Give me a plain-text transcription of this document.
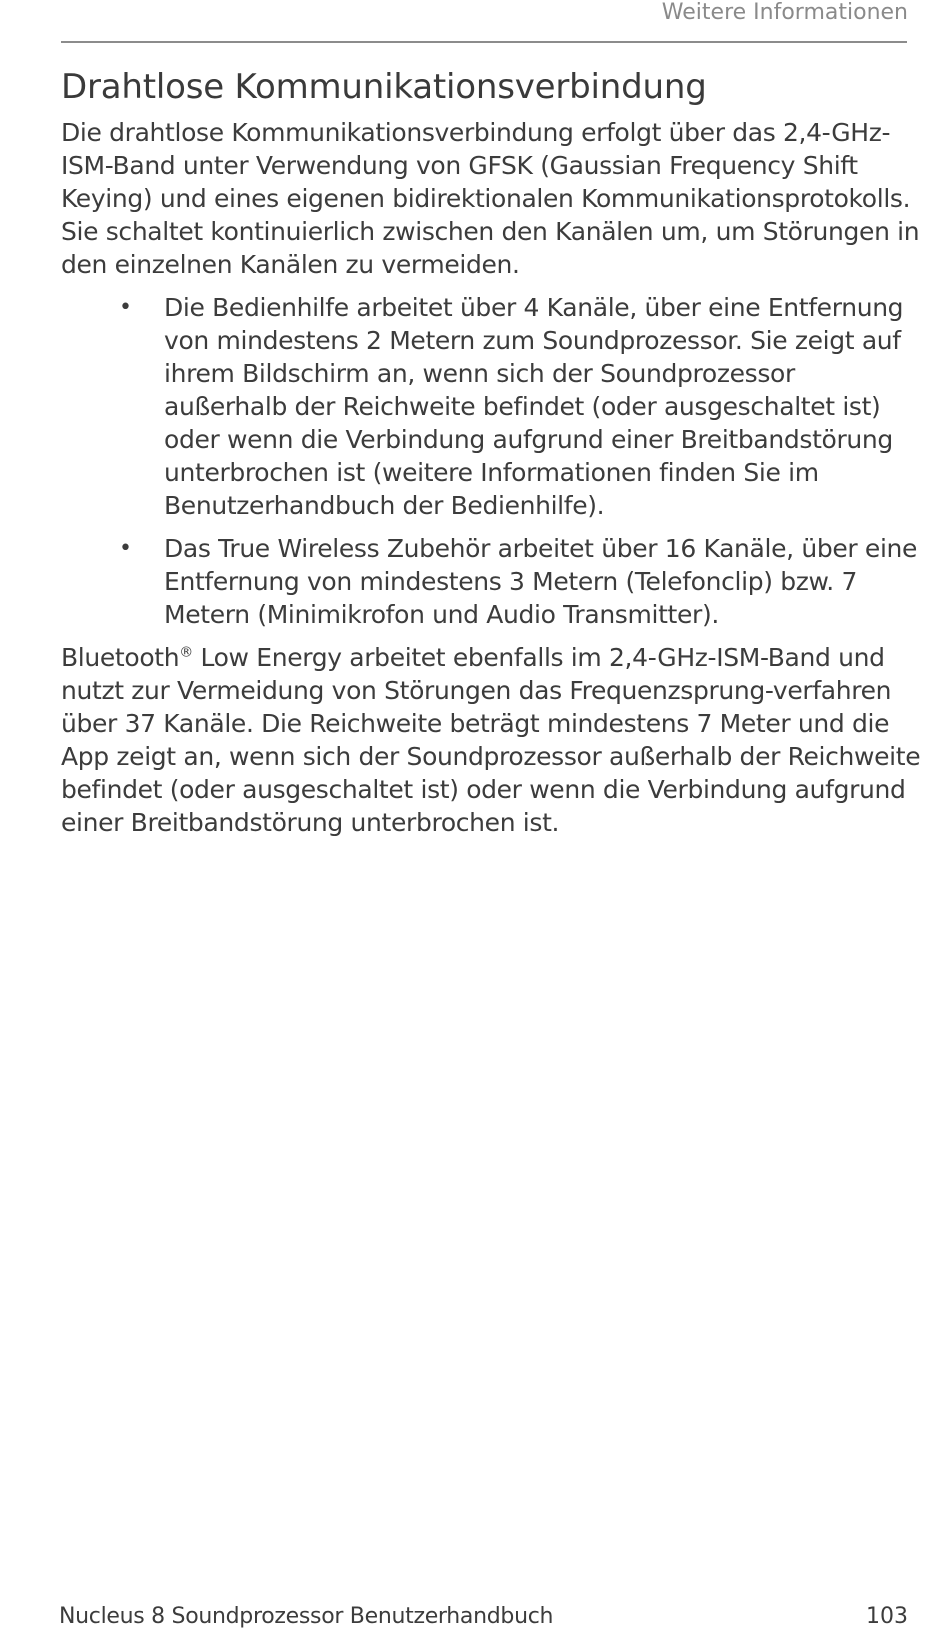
Weitere Informationen
Drahtlose Kommunikationsverbindung

Die drahtlose Kommunikationsverbindung erfolgt über das 2,4-GHz-ISM-Band unter Verwendung von GFSK (Gaussian Frequency Shift Keying) und eines eigenen bidirektionalen Kommunikationsprotokolls. Sie schaltet kontinuierlich zwischen den Kanälen um, um Störungen in den einzelnen Kanälen zu vermeiden.

• Die Bedienhilfe arbeitet über 4 Kanäle, über eine Entfernung von mindestens 2 Metern zum Soundprozessor. Sie zeigt auf ihrem Bildschirm an, wenn sich der Soundprozessor außerhalb der Reichweite befindet (oder ausgeschaltet ist) oder wenn die Verbindung aufgrund einer Breitbandstörung unterbrochen ist (weitere Informationen finden Sie im Benutzerhandbuch der Bedienhilfe).
• Das True Wireless Zubehör arbeitet über 16 Kanäle, über eine Entfernung von mindestens 3 Metern (Telefonclip) bzw. 7 Metern (Minimikrofon und Audio Transmitter).

Bluetooth® Low Energy arbeitet ebenfalls im 2,4-GHz-ISM-Band und nutzt zur Vermeidung von Störungen das Frequenzsprung-verfahren über 37 Kanäle. Die Reichweite beträgt mindestens 7 Meter und die App zeigt an, wenn sich der Soundprozessor außerhalb der Reichweite befindet (oder ausgeschaltet ist) oder wenn die Verbindung aufgrund einer Breitbandstörung unterbrochen ist.

Nucleus 8 Soundprozessor Benutzerhandbuch	103
